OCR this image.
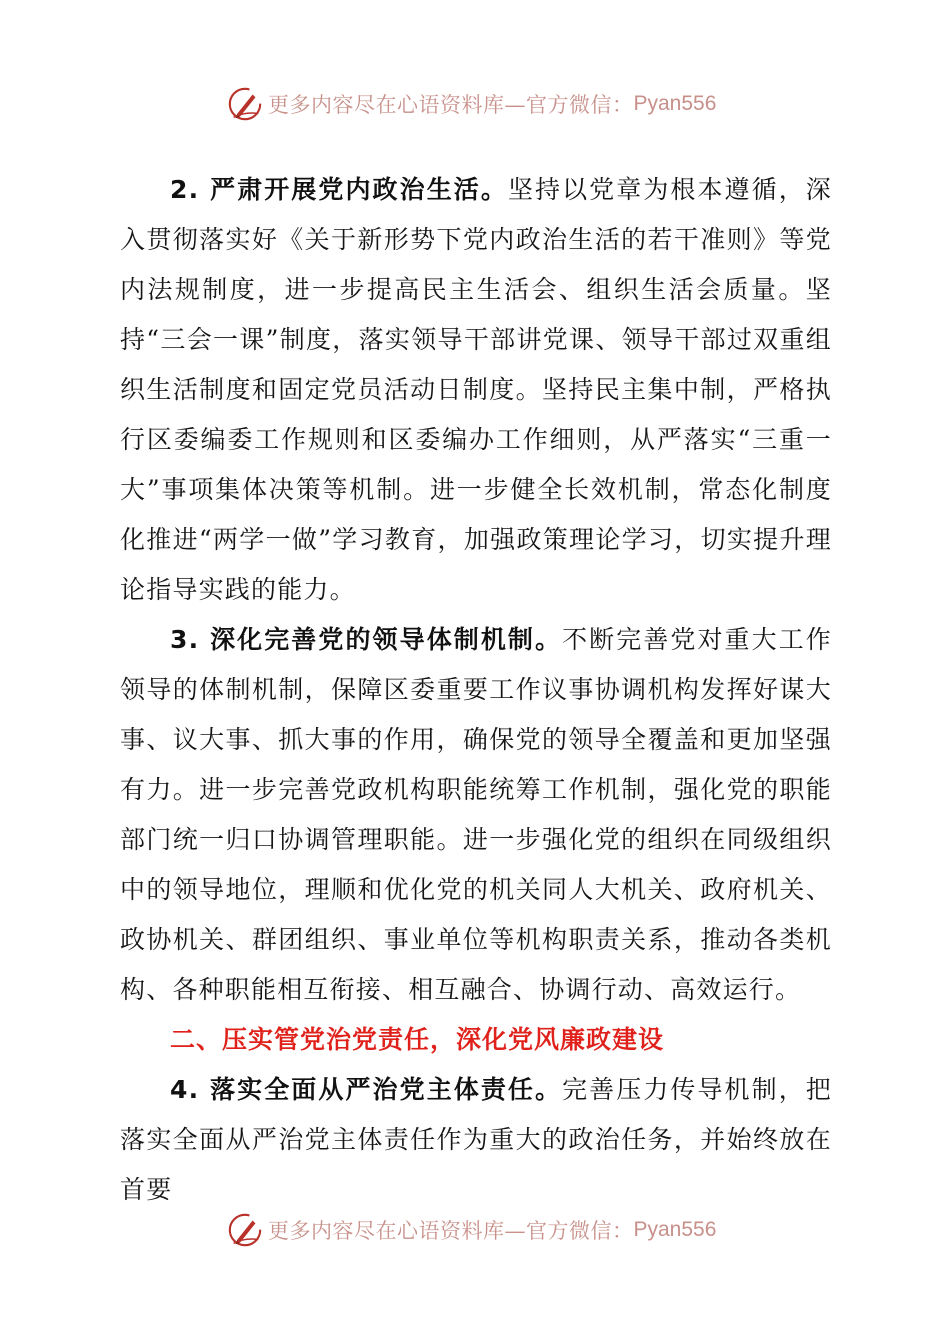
更多内容尽在心语资料库—官方微信： Pyan556

2. 严肃开展党内政治生活。坚持以党章为根本遵循，深入贯彻落实好《关于新形势下党内政治生活的若干准则》等党内法规制度，进一步提高民主生活会、组织生活会质量。坚持“三会一课”制度，落实领导干部讲党课、领导干部过双重组织生活制度和固定党员活动日制度。坚持民主集中制，严格执行区委编委工作规则和区委编办工作细则，从严落实“三重一大”事项集体决策等机制。进一步健全长效机制，常态化制度化推进“两学一做”学习教育，加强政策理论学习，切实提升理论指导实践的能力。

3. 深化完善党的领导体制机制。不断完善党对重大工作领导的体制机制，保障区委重要工作议事协调机构发挥好谋大事、议大事、抓大事的作用，确保党的领导全覆盖和更加坚强有力。进一步完善党政机构职能统筹工作机制，强化党的职能部门统一归口协调管理职能。进一步强化党的组织在同级组织中的领导地位，理顺和优化党的机关同人大机关、政府机关、政协机关、群团组织、事业单位等机构职责关系，推动各类机构、各种职能相互衔接、相互融合、协调行动、高效运行。

二、压实管党治党责任，深化党风廉政建设

4. 落实全面从严治党主体责任。完善压力传导机制，把落实全面从严治党主体责任作为重大的政治任务，并始终放在首要

更多内容尽在心语资料库—官方微信： Pyan556
